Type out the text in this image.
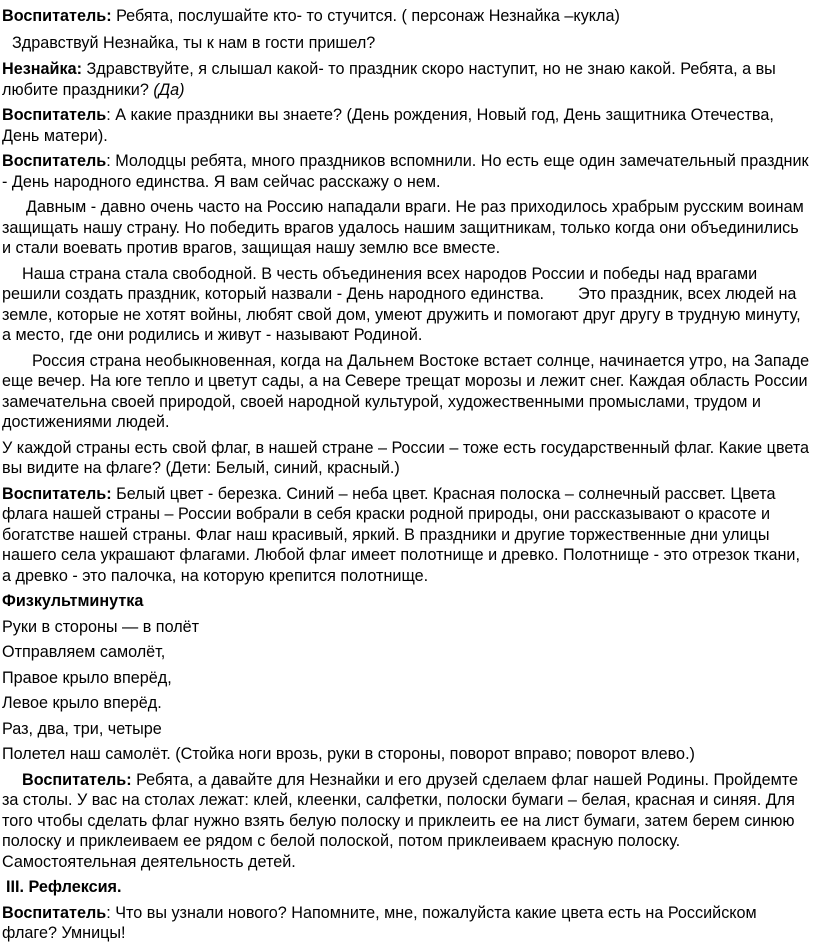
Воспитатель: Ребята, послушайте кто- то стучится. ( персонаж Незнайка –кукла)

Здравствуй Незнайка, ты к нам в гости пришел?

Незнайка: Здравствуйте, я слышал какой- то праздник скоро наступит, но не знаю какой. Ребята, а вы любите праздники? (Да)

Воспитатель: А какие праздники вы знаете? (День рождения, Новый год, День защитника Отечества, День матери).

Воспитатель: Молодцы ребята, много праздников вспомнили. Но есть еще один замечательный праздник - День народного единства. Я вам сейчас расскажу о нем.

Давным - давно очень часто на Россию нападали враги. Не раз приходилось храбрым русским воинам защищать нашу страну. Но победить врагов удалось нашим защитникам, только когда они объединились и стали воевать против врагов, защищая нашу землю все вместе.

Наша страна стала свободной. В честь объединения всех народов России и победы над врагами решили создать праздник, который назвали - День народного единства. Это праздник, всех людей на земле, которые не хотят войны, любят свой дом, умеют дружить и помогают друг другу в трудную минуту, а место, где они родились и живут - называют Родиной.

Россия страна необыкновенная, когда на Дальнем Востоке встает солнце, начинается утро, на Западе еще вечер. На юге тепло и цветут сады, а на Севере трещат морозы и лежит снег. Каждая область России замечательна своей природой, своей народной культурой, художественными промыслами, трудом и достижениями людей.

У каждой страны есть свой флаг, в нашей стране – России – тоже есть государственный флаг. Какие цвета вы видите на флаге? (Дети: Белый, синий, красный.)

Воспитатель: Белый цвет - березка. Синий – неба цвет. Красная полоска – солнечный рассвет. Цвета флага нашей страны – России вобрали в себя краски родной природы, они рассказывают о красоте и богатстве нашей страны. Флаг наш красивый, яркий. В праздники и другие торжественные дни улицы нашего села украшают флагами. Любой флаг имеет полотнище и древко. Полотнище - это отрезок ткани, а древко - это палочка, на которую крепится полотнище.

Физкультминутка

Руки в стороны — в полёт

Отправляем самолёт,

Правое крыло вперёд,

Левое крыло вперёд.

Раз, два, три, четыре

Полетел наш самолёт. (Стойка ноги врозь, руки в стороны, поворот вправо; поворот влево.)

Воспитатель: Ребята, а давайте для Незнайки и его друзей сделаем флаг нашей Родины. Пройдемте за столы. У вас на столах лежат: клей, клеенки, салфетки, полоски бумаги – белая, красная и синяя. Для того чтобы сделать флаг нужно взять белую полоску и приклеить ее на лист бумаги, затем берем синюю полоску и приклеиваем ее рядом с белой полоской, потом приклеиваем красную полоску. Самостоятельная деятельность детей.

III. Рефлексия.

Воспитатель: Что вы узнали нового? Напомните, мне, пожалуйста какие цвета есть на Российском флаге? Умницы!
